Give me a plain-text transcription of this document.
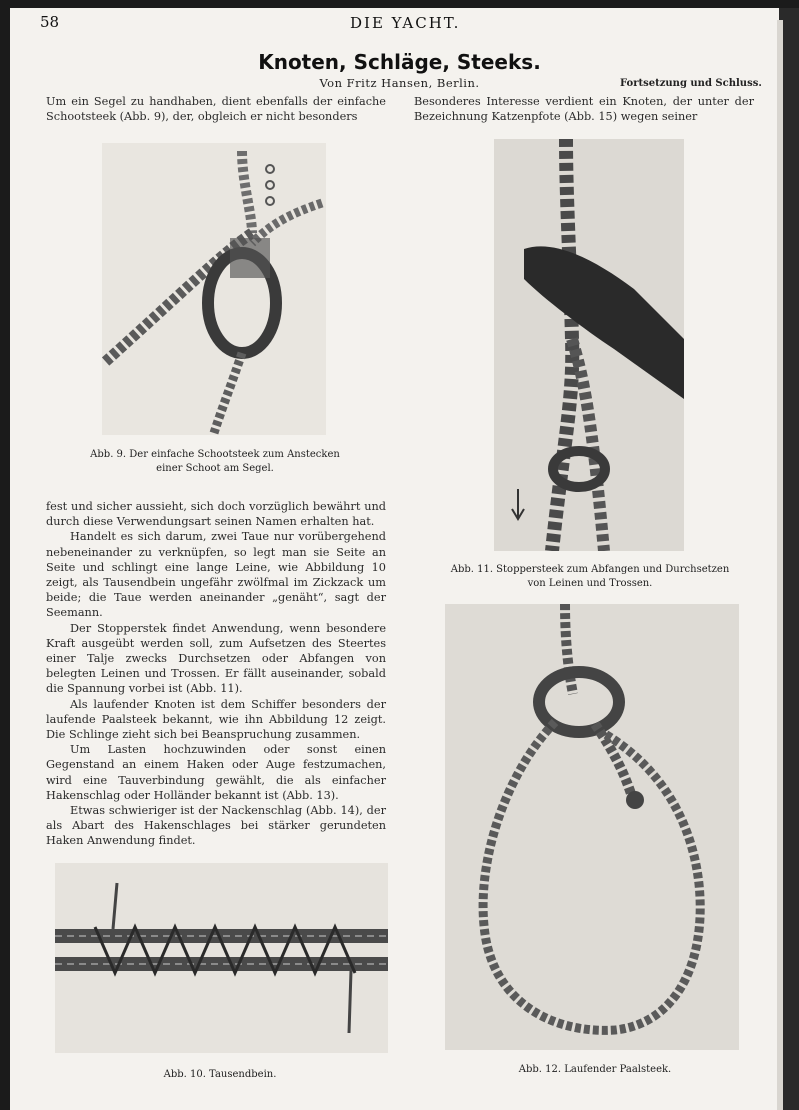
58	DIE YACHT.
Knoten, Schläge, Steeks.
Von Fritz Hansen, Berlin.	Fortsetzung und Schluss.
Um ein Segel zu handhaben, dient ebenfalls der einfache Schootsteek (Abb. 9), der, obgleich er nicht besonders
Besonderes Interesse verdient ein Knoten, der unter der Bezeichnung Katzenpfote (Abb. 15) wegen seiner
Abb. 9. Der einfache Schootsteek zum Anstecken
einer Schoot am Segel.
Abb. 11. Stoppersteek zum Abfangen und Durchsetzen
von Leinen und Trossen.

fest und sicher aussieht, sich doch vorzüglich bewährt und durch diese Verwendungsart seinen Namen erhalten hat.

Handelt es sich darum, zwei Taue nur vorübergehend nebeneinander zu verknüpfen, so legt man sie Seite an Seite und schlingt eine lange Leine, wie Abbildung 10 zeigt, als Tausendbein ungefähr zwölfmal im Zickzack um beide; die Taue werden aneinander „genäht“, sagt der Seemann.

Der Stopperstek findet Anwendung, wenn besondere Kraft ausgeübt werden soll, zum Aufsetzen des Steertes einer Talje zwecks Durchsetzen oder Abfangen von belegten Leinen und Trossen. Er fällt auseinander, sobald die Spannung vorbei ist (Abb. 11).

Als laufender Knoten ist dem Schiffer besonders der laufende Paalsteek bekannt, wie ihn Abbildung 12 zeigt. Die Schlinge zieht sich bei Beanspruchung zusammen.

Um Lasten hochzuwinden oder sonst einen Gegenstand an einem Haken oder Auge festzumachen, wird eine Tauverbindung gewählt, die als einfacher Hakenschlag oder Holländer bekannt ist (Abb. 13).

Etwas schwieriger ist der Nackenschlag (Abb. 14), der als Abart des Hakenschlages bei stärker gerundeten Haken Anwendung findet.

Abb. 12. Laufender Paalsteek.
Abb. 10. Tausendbein.
